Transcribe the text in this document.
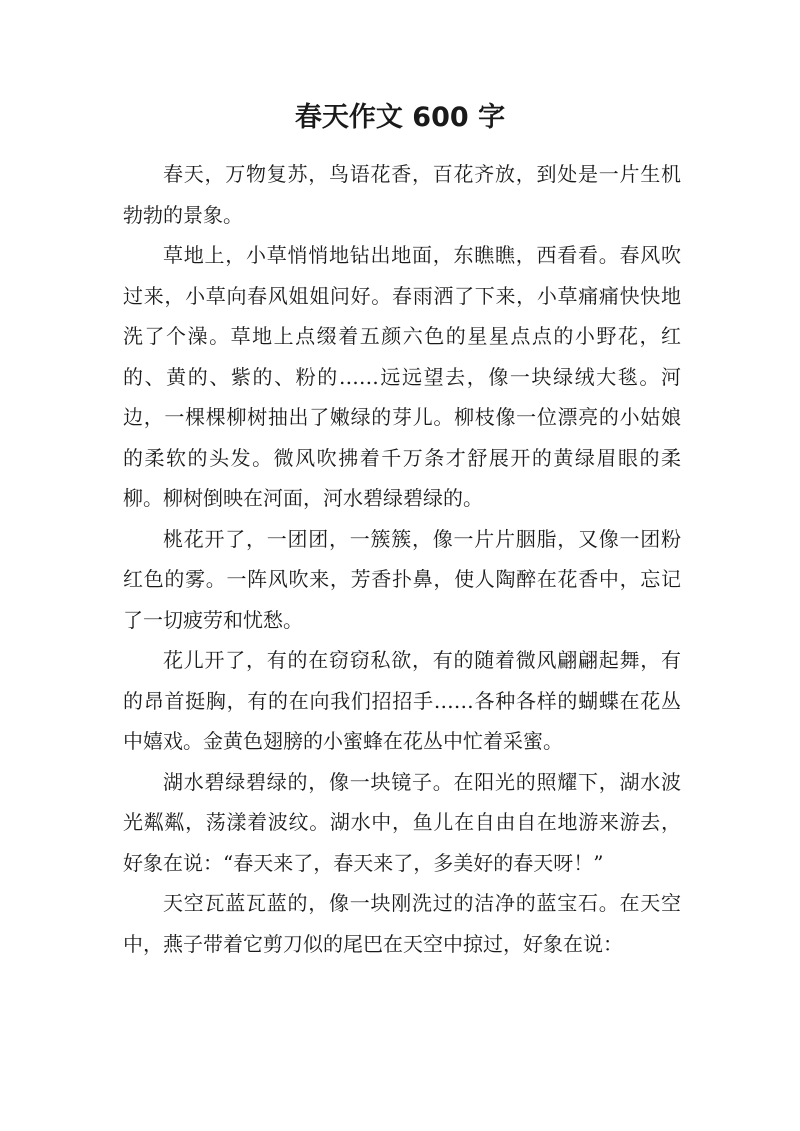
春天作文 600 字

春天，万物复苏，鸟语花香，百花齐放，到处是一片生机勃勃的景象。

草地上，小草悄悄地钻出地面，东瞧瞧，西看看。春风吹过来，小草向春风姐姐问好。春雨洒了下来，小草痛痛快快地洗了个澡。草地上点缀着五颜六色的星星点点的小野花，红的、黄的、紫的、粉的……远远望去，像一块绿绒大毯。河边，一棵棵柳树抽出了嫩绿的芽儿。柳枝像一位漂亮的小姑娘的柔软的头发。微风吹拂着千万条才舒展开的黄绿眉眼的柔柳。柳树倒映在河面，河水碧绿碧绿的。

桃花开了，一团团，一簇簇，像一片片胭脂，又像一团粉红色的雾。一阵风吹来，芳香扑鼻，使人陶醉在花香中，忘记了一切疲劳和忧愁。

花儿开了，有的在窃窃私欲，有的随着微风翩翩起舞，有的昂首挺胸，有的在向我们招招手……各种各样的蝴蝶在花丛中嬉戏。金黄色翅膀的小蜜蜂在花丛中忙着采蜜。

湖水碧绿碧绿的，像一块镜子。在阳光的照耀下，湖水波光粼粼，荡漾着波纹。湖水中，鱼儿在自由自在地游来游去，好象在说：“春天来了，春天来了，多美好的春天呀！”

天空瓦蓝瓦蓝的，像一块刚洗过的洁净的蓝宝石。在天空中，燕子带着它剪刀似的尾巴在天空中掠过，好象在说：
